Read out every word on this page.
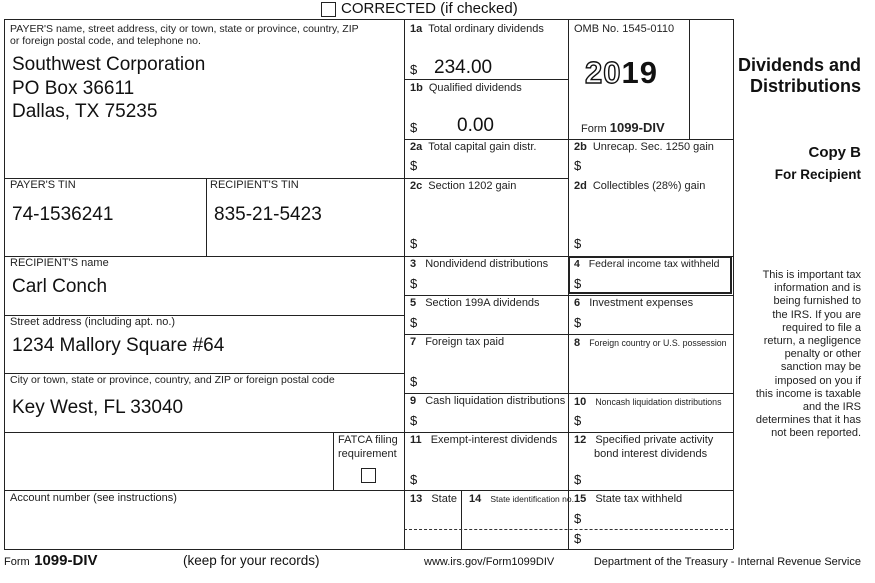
CORRECTED (if checked)
PAYER'S name, street address, city or town, state or province, country, ZIP
or foreign postal code, and telephone no.
Southwest Corporation
PO Box 36611
Dallas, TX 75235
PAYER'S TIN
74-1536241
RECIPIENT'S TIN
835-21-5423
RECIPIENT'S name
Carl Conch
Street address (including apt. no.)
1234 Mallory Square #64
City or town, state or province, country, and ZIP or foreign postal code
Key West, FL 33040
FATCA filing
requirement
Account number (see instructions)
1a Total ordinary dividends
$ 234.00
1b Qualified dividends
$ 0.00
OMB No. 1545-0110
2019
Form 1099-DIV
Dividends and
Distributions
2a Total capital gain distr.
$
2b Unrecap. Sec. 1250 gain
$
Copy B
For Recipient
2c Section 1202 gain
$
2d Collectibles (28%) gain
$
3 Nondividend distributions
$
4 Federal income tax withheld
$
5 Section 199A dividends
$
6 Investment expenses
$
7 Foreign tax paid
$
8 Foreign country or U.S. possession
9 Cash liquidation distributions
$
10 Noncash liquidation distributions
$
11 Exempt-interest dividends
$
12 Specified private activity
bond interest dividends
$
13 State 14 State identification no. 15 State tax withheld
$
$
This is important tax
information and is
being furnished to
the IRS. If you are
required to file a
return, a negligence
penalty or other
sanction may be
imposed on you if
this income is taxable
and the IRS
determines that it has
not been reported.
Form 1099-DIV	(keep for your records)	www.irs.gov/Form1099DIV	Department of the Treasury - Internal Revenue Service
